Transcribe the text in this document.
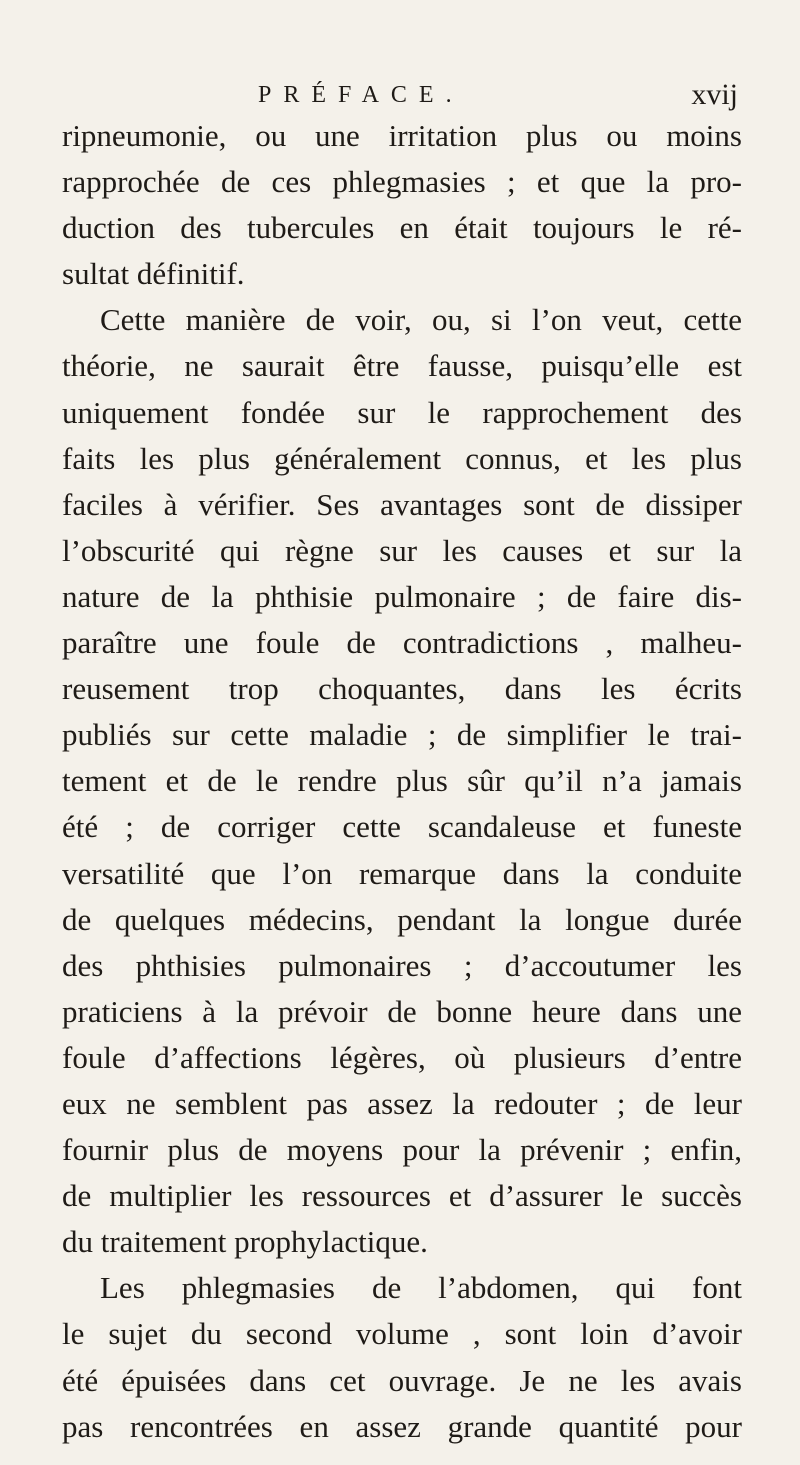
PRÉFACE.	xvij
ripneumonie, ou une irritation plus ou moins
rapprochée de ces phlegmasies ; et que la pro-
duction des tubercules en était toujours le ré-
sultat définitif.
Cette manière de voir, ou, si l’on veut, cette
théorie, ne saurait être fausse, puisqu’elle est
uniquement fondée sur le rapprochement des
faits les plus généralement connus, et les plus
faciles à vérifier. Ses avantages sont de dissiper
l’obscurité qui règne sur les causes et sur la
nature de la phthisie pulmonaire ; de faire dis-
paraître une foule de contradictions , malheu-
reusement trop choquantes, dans les écrits
publiés sur cette maladie ; de simplifier le trai-
tement et de le rendre plus sûr qu’il n’a jamais
été ; de corriger cette scandaleuse et funeste
versatilité que l’on remarque dans la conduite
de quelques médecins, pendant la longue durée
des phthisies pulmonaires ; d’accoutumer les
praticiens à la prévoir de bonne heure dans une
foule d’affections légères, où plusieurs d’entre
eux ne semblent pas assez la redouter ; de leur
fournir plus de moyens pour la prévenir ; enfin,
de multiplier les ressources et d’assurer le succès
du traitement prophylactique.
Les phlegmasies de l’abdomen, qui font
le sujet du second volume , sont loin d’avoir
été épuisées dans cet ouvrage. Je ne les avais
pas rencontrées en assez grande quantité pour
